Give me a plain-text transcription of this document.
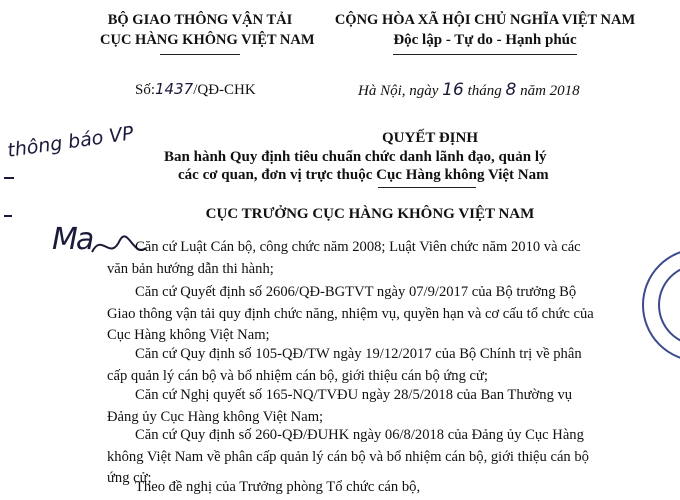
BỘ GIAO THÔNG VẬN TẢI
CỤC HÀNG KHÔNG VIỆT NAM
CỘNG HÒA XÃ HỘI CHỦ NGHĨA VIỆT NAM
Độc lập - Tự do - Hạnh phúc
Số:1437/QĐ-CHK	Hà Nội, ngày 16 tháng 8 năm 2018
QUYẾT ĐỊNH
Ban hành Quy định tiêu chuẩn chức danh lãnh đạo, quản lý
các cơ quan, đơn vị trực thuộc Cục Hàng không Việt Nam
thông báo VP
CỤC TRƯỞNG CỤC HÀNG KHÔNG VIỆT NAM
Ma	Căn cứ Luật Cán bộ, công chức năm 2008; Luật Viên chức năm 2010 và các
văn bản hướng dẫn thi hành;
Căn cứ Quyết định số 2606/QĐ-BGTVT ngày 07/9/2017 của Bộ trưởng Bộ
Giao thông vận tải quy định chức năng, nhiệm vụ, quyền hạn và cơ cấu tổ chức của
Cục Hàng không Việt Nam;
Căn cứ Quy định số 105-QĐ/TW ngày 19/12/2017 của Bộ Chính trị về phân
cấp quản lý cán bộ và bổ nhiệm cán bộ, giới thiệu cán bộ ứng cử;
Căn cứ Nghị quyết số 165-NQ/TVĐU ngày 28/5/2018 của Ban Thường vụ
Đảng ủy Cục Hàng không Việt Nam;
Căn cứ Quy định số 260-QĐ/ĐUHK ngày 06/8/2018 của Đảng ủy Cục Hàng
không Việt Nam về phân cấp quản lý cán bộ và bổ nhiệm cán bộ, giới thiệu cán bộ
ứng cử;
Theo đề nghị của Trưởng phòng Tổ chức cán bộ,
